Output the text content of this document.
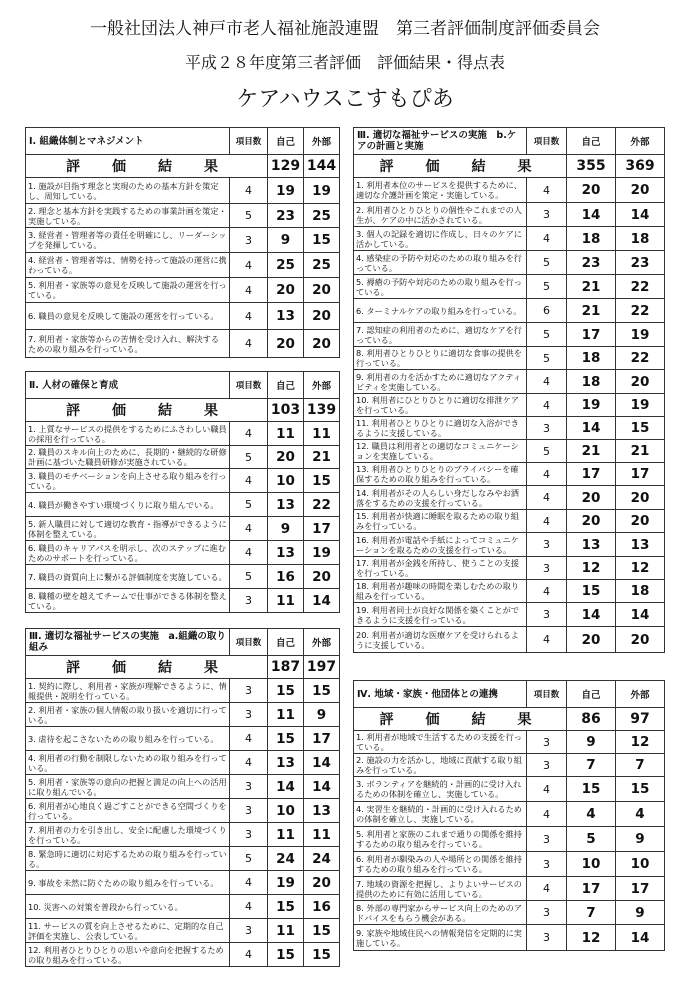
一般社団法人神戸市老人福祉施設連盟　第三者評価制度評価委員会
平成２８年度第三者評価　評価結果・得点表
ケアハウスこすもぴあ
Ⅰ. 組織体制とマネジメント	項目数	自己	外部
評　価　結　果		129	144
1. 施設が目指す理念と実現のための基本方針を策定し、周知している。	4	19	19
2. 理念と基本方針を実践するための事業計画を策定・実施している。	5	23	25
3. 経営者・管理者等の責任を明確にし、リーダーシップを発揮している。	3	9	15
4. 経営者・管理者等は、情勢を持って施設の運営に携わっている。	4	25	25
5. 利用者・家族等の意見を反映して施設の運営を行っている。	4	20	20
6. 職員の意見を反映して施設の運営を行っている。	4	13	20
7. 利用者・家族等からの苦情を受け入れ、解決するための取り組みを行っている。	4	20	20
Ⅱ. 人材の確保と育成	項目数	自己	外部
評　価　結　果		103	139
1. 上質なサービスの提供をするためにふさわしい職員の採用を行っている。	4	11	11
2. 職員のスキル向上のために、長期的・継続的な研修計画に基づいた職員研修が実施されている。	5	20	21
3. 職員のモチベーションを向上させる取り組みを行っている。	4	10	15
4. 職員が働きやすい環境づくりに取り組んでいる。	5	13	22
5. 新人職員に対して適切な教育・指導ができるように体制を整えている。	4	9	17
6. 職員のキャリアパスを明示し、次のステップに進むためのサポートを行っている。	4	13	19
7. 職員の資質向上に繋がる評価制度を実施している。	5	16	20
8. 職種の壁を越えてチームで仕事ができる体制を整えている。	3	11	14
Ⅲ. 適切な福祉サービスの実施　a.組織の取り組み	項目数	自己	外部
評　価　結　果		187	197
1. 契約に際し、利用者・家族が理解できるように、情報提供・説明を行っている。	3	15	15
2. 利用者・家族の個人情報の取り扱いを適切に行っている。	3	11	9
3. 虐待を起こさないための取り組みを行っている。	4	15	17
4. 利用者の行動を制限しないための取り組みを行っている。	4	13	14
5. 利用者・家族等の意向の把握と満足の向上への活用に取り組んでいる。	3	14	14
6. 利用者が心地良く過ごすことができる空間づくりを行っている。	3	10	13
7. 利用者の力を引き出し、安全に配慮した環境づくりを行っている。	3	11	11
8. 緊急時に適切に対応するための取り組みを行っている。	5	24	24
9. 事故を未然に防ぐための取り組みを行っている。	4	19	20
10. 災害への対策を普段から行っている。	4	15	16
11. サービスの質を向上させるために、定期的な自己評価を実施し、公表している。	3	11	15
12. 利用者ひとりひとりの思いや意向を把握するための取り組みを行っている。	4	15	15
Ⅲ. 適切な福祉サービスの実施　b.ケアの計画と実施	項目数	自己	外部
評　価　結　果		355	369
1. 利用者本位のサービスを提供するために、適切な介護計画を策定・実施している。	4	20	20
2. 利用者ひとりひとりの個性やこれまでの人生が、ケアの中に活かされている。	3	14	14
3. 個人の記録を適切に作成し、日々のケアに活かしている。	4	18	18
4. 感染症の予防や対応のための取り組みを行っている。	5	23	23
5. 褥瘡の予防や対応のための取り組みを行っている。	5	21	22
6. ターミナルケアの取り組みを行っている。	6	21	22
7. 認知症の利用者のために、適切なケアを行っている。	5	17	19
8. 利用者ひとりひとりに適切な食事の提供を行っている。	5	18	22
9. 利用者の力を活かすために適切なアクティビティを実施している。	4	18	20
10. 利用者にひとりひとりに適切な排泄ケアを行っている。	4	19	19
11. 利用者ひとりひとりに適切な入浴ができるように支援している。	3	14	15
12. 職員は利用者との適切なコミュニケーションを実施している。	5	21	21
13. 利用者ひとりひとりのプライバシーを確保するための取り組みを行っている。	4	17	17
14. 利用者がその人らしい身だしなみやお洒落をするための支援を行っている。	4	20	20
15. 利用者が快適に睡眠を取るための取り組みを行っている。	4	20	20
16. 利用者が電話や手紙によってコミュニケーションを取るための支援を行っている。	3	13	13
17. 利用者が金銭を所持し、使うことの支援を行っている。	3	12	12
18. 利用者が趣味の時間を楽しむための取り組みを行っている。	4	15	18
19. 利用者同士が良好な関係を築くことができるように支援を行っている。	3	14	14
20. 利用者が適切な医療ケアを受けられるように支援している。	4	20	20
Ⅳ. 地域・家族・他団体との連携	項目数	自己	外部
評　価　結　果		86	97
1. 利用者が地域で生活するための支援を行っている。	3	9	12
2. 施設の力を活かし、地域に貢献する取り組みを行っている。	3	7	7
3. ボランティアを継続的・計画的に受け入れるための体制を確立し、実施している。	4	15	15
4. 実習生を継続的・計画的に受け入れるための体制を確立し、実施している。	4	4	4
5. 利用者と家族のこれまで通りの関係を維持するための取り組みを行っている。	3	5	9
6. 利用者が馴染みの人や場所との関係を維持するための取り組みを行っている。	3	10	10
7. 地域の資源を把握し、よりよいサービスの提供のために有効に活用している。	4	17	17
8. 外部の専門家からサービス向上のためのアドバイスをもらう機会がある。	3	7	9
9. 家族や地域住民への情報発信を定期的に実施している。	3	12	14
